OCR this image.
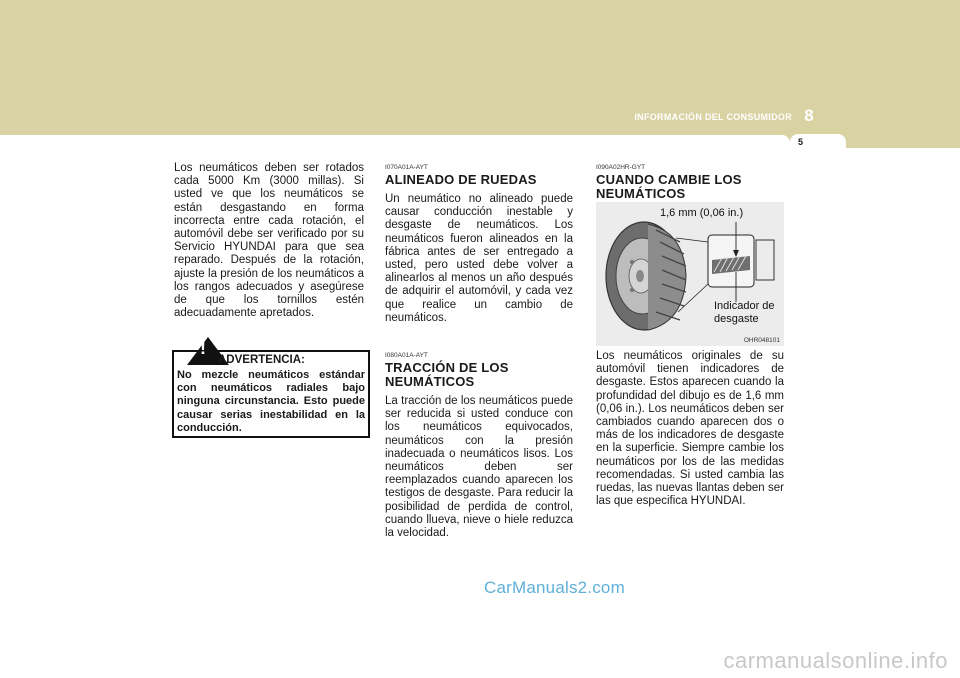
INFORMACIÓN DEL CONSUMIDOR 8
5

Los neumáticos deben ser rotados cada 5000 Km (3000 millas). Si usted ve que los neumáticos se están desgastando en forma incorrecta entre cada rotación, el automóvil debe ser verificado por su Servicio HYUNDAI para que sea reparado. Después de la rotación, ajuste la presión de los neumáticos a los rangos adecuados y asegúrese de que los tornillos estén adecuadamente apretados.

!
ADVERTENCIA:

No mezcle neumáticos estándar con neumáticos radiales bajo ninguna circunstancia. Esto puede causar serias inestabilidad en la conducción.

I070A01A-AYT

ALINEADO DE RUEDAS

Un neumático no alineado puede causar conducción inestable y desgaste de neumáticos. Los neumáticos fueron alineados en la fábrica antes de ser entregado a usted, pero usted debe volver a alinearlos al menos un año después de adquirir el automóvil, y cada vez que realice un cambio de neumáticos.

I080A01A-AYT

TRACCIÓN DE LOS

NEUMÁTICOS

La tracción de los neumáticos puede ser reducida si usted conduce con los neumáticos equivocados, neumáticos con la presión inadecuada o neumáticos lisos. Los neumáticos deben ser reemplazados cuando aparecen los testigos de desgaste. Para reducir la posibilidad de perdida de control, cuando llueva, nieve o hiele reduzca la velocidad.

I090A02HR-GYT

CUANDO CAMBIE LOS

NEUMÁTICOS

1,6 mm (0,06 in.)
Indicador de
desgaste
OHR048101

Los neumáticos originales de su automóvil tienen indicadores de desgaste. Estos aparecen cuando la profundidad del dibujo es de 1,6 mm (0,06 in.). Los neumáticos deben ser cambiados cuando aparecen dos o más de los indicadores de desgaste en la superficie. Siempre cambie los neumáticos por los de las medidas recomendadas. Si usted cambia las ruedas, las nuevas llantas deben ser las que especifica HYUNDAI.

CarManuals2.com
carmanualsonline.info
